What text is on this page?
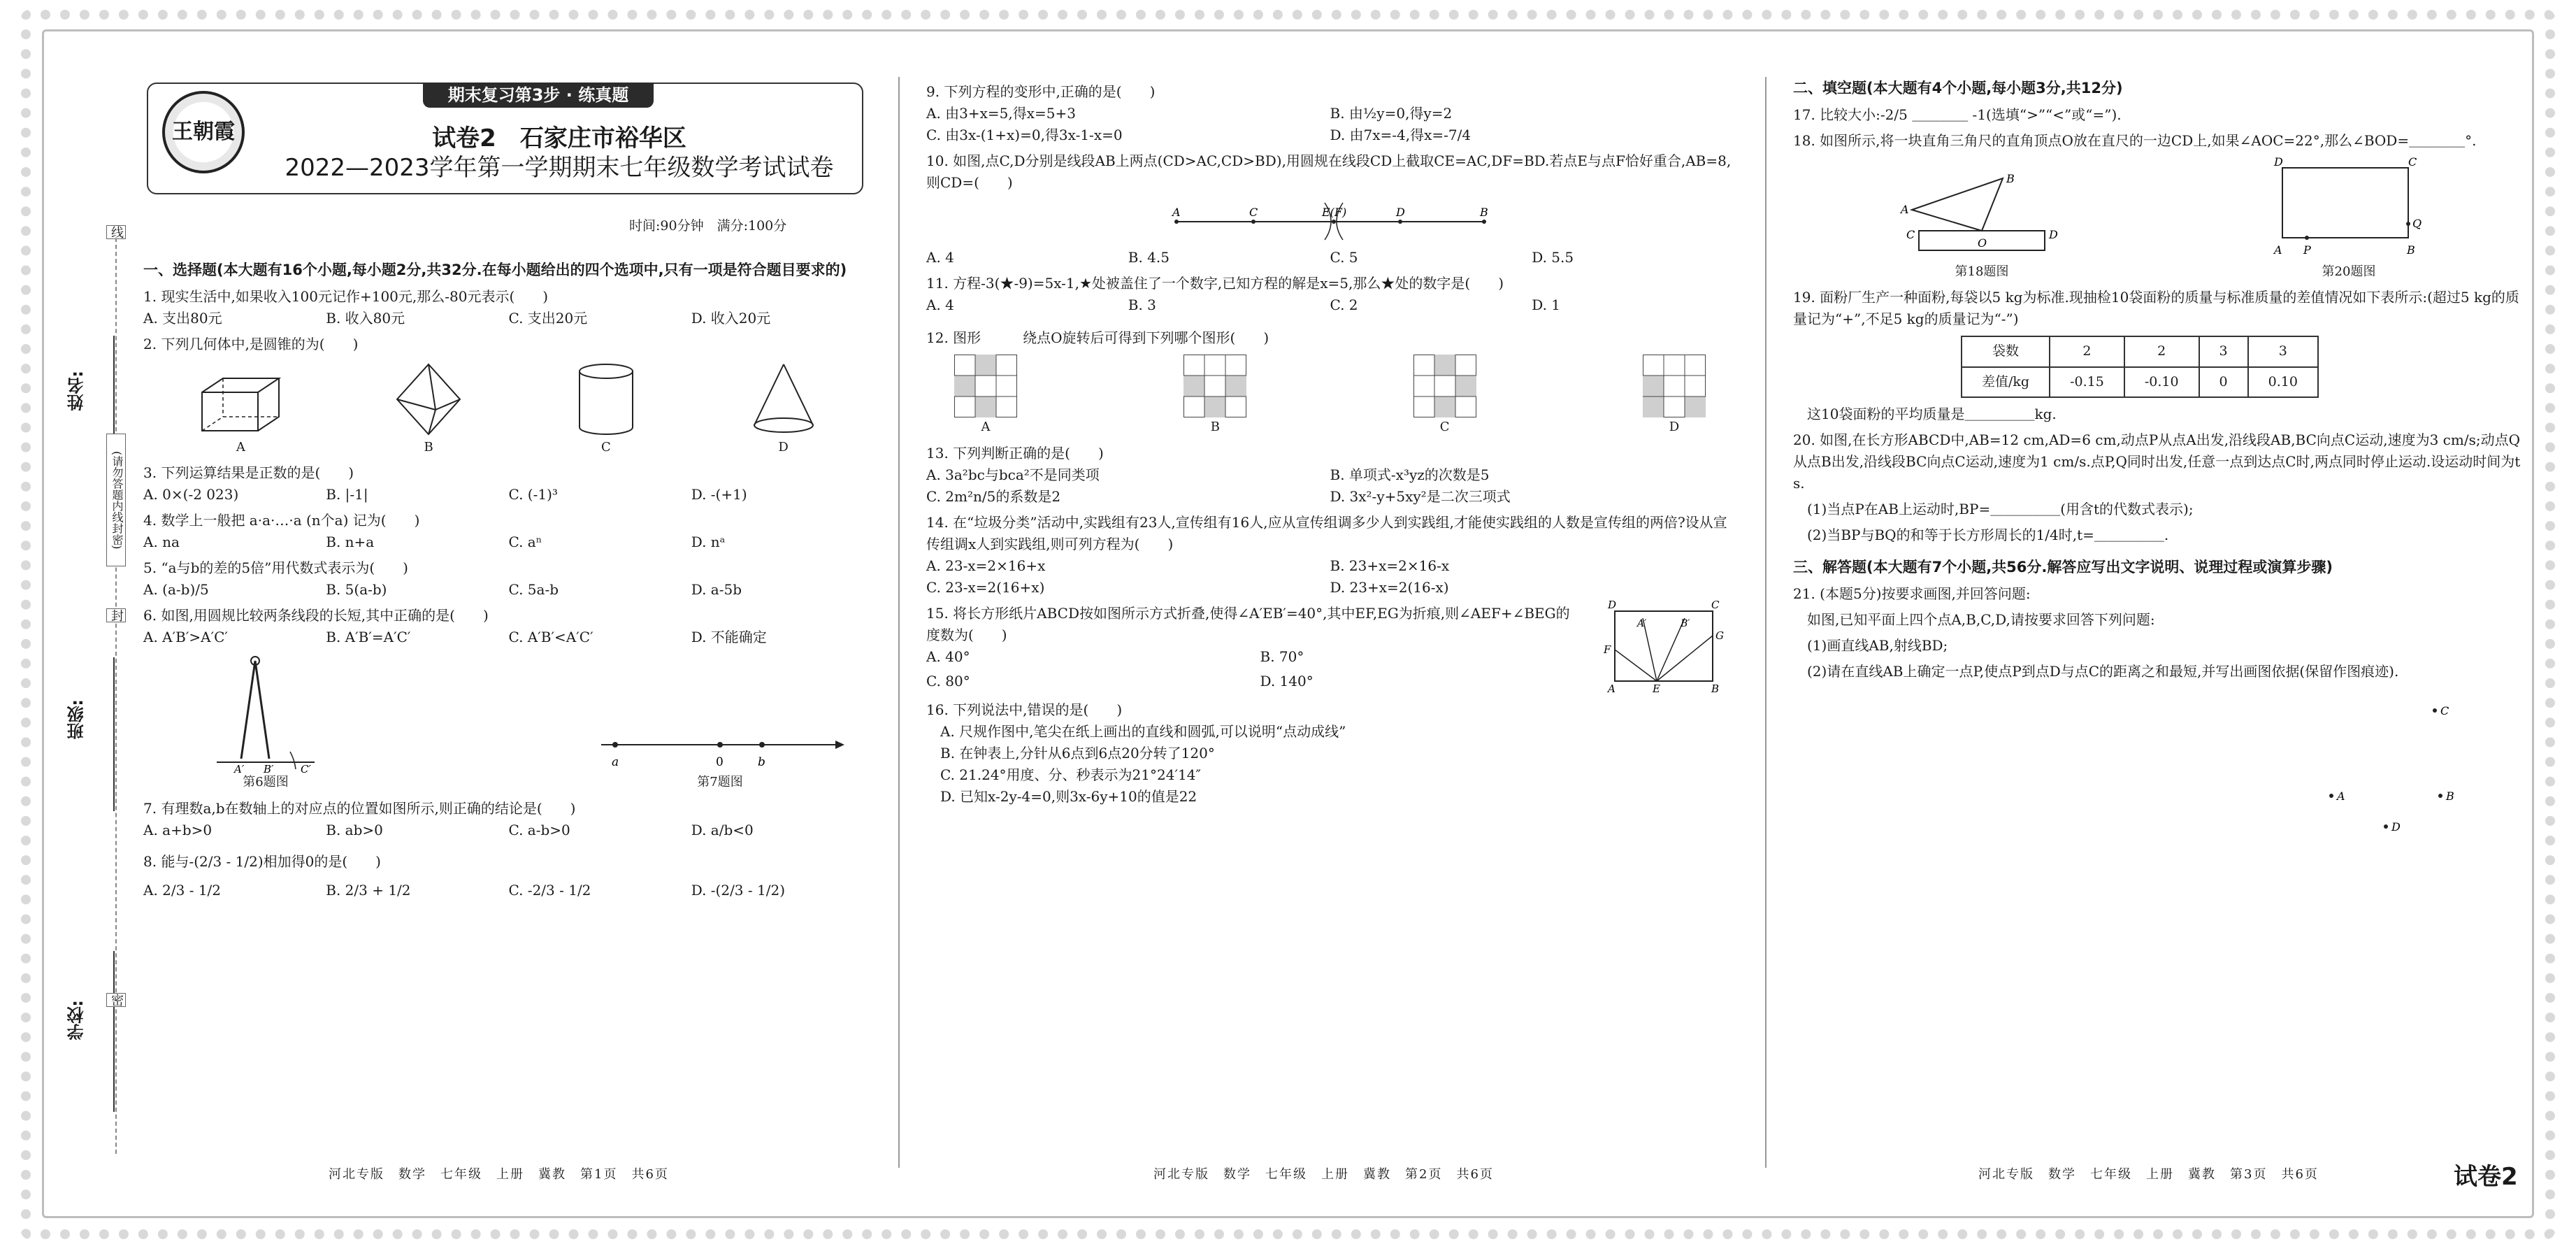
期末复习第3步 · 练真题
王朝霞	试卷2　石家庄市裕华区
2022—2023学年第一学期期末七年级数学考试试卷
时间:90分钟　满分:100分
姓名:
班级:
学校:
线
(请勿答题内线封密)
封
密
一、选择题(本大题有16个小题,每小题2分,共32分.在每小题给出的四个选项中,只有一项是符合题目要求的)
1. 现实生活中,如果收入100元记作+100元,那么-80元表示(　　)
A. 支出80元	B. 收入80元	C. 支出20元	D. 收入20元
2. 下列几何体中,是圆锥的为(　　)
A	B	C	D
3. 下列运算结果是正数的是(　　)
A. 0×(-2 023)	B. |-1|	C. (-1)³	D. -(+1)
4. 数学上一般把 a·a·…·a (n个a) 记为(　　)
A. na	B. n+a	C. aⁿ	D. nᵃ
5. “a与b的差的5倍”用代数式表示为(　　)
A. (a-b)/5	B. 5(a-b)	C. 5a-b	D. a-5b
6. 如图,用圆规比较两条线段的长短,其中正确的是(　　)
A. A′B′>A′C′	B. A′B′=A′C′	C. A′B′<A′C′	D. 不能确定
A′ B′	C′
第6题图
a	0	b
第7题图
7. 有理数a,b在数轴上的对应点的位置如图所示,则正确的结论是(　　)
A. a+b>0	B. ab>0	C. a-b>0	D. a/b<0
8. 能与-(2/3 - 1/2)相加得0的是(　　)
A. 2/3 - 1/2	B. 2/3 + 1/2	C. -2/3 - 1/2	D. -(2/3 - 1/2)
9. 下列方程的变形中,正确的是(　　)
A. 由3+x=5,得x=5+3	B. 由½y=0,得y=2
C. 由3x-(1+x)=0,得3x-1-x=0	D. 由7x=-4,得x=-7/4
10. 如图,点C,D分别是线段AB上两点(CD>AC,CD>BD),用圆规在线段CD上截取CE=AC,DF=BD.若点E与点F恰好重合,AB=8,则CD=(　　)
A	C	E(F)	D	B
A. 4	B. 4.5	C. 5	D. 5.5
11. 方程-3(★-9)=5x-1,★处被盖住了一个数字,已知方程的解是x=5,那么★处的数字是(　　)
A. 4	B. 3	C. 2	D. 1
12. 图形　　　绕点O旋转后可得到下列哪个图形(　　)
A	B	C	D
13. 下列判断正确的是(　　)
A. 3a²bc与bca²不是同类项	B. 单项式-x³yz的次数是5
C. 2m²n/5的系数是2	D. 3x²-y+5xy²是二次三项式
14. 在“垃圾分类”活动中,实践组有23人,宣传组有16人,应从宣传组调多少人到实践组,才能使实践组的人数是宣传组的两倍?设从宣传组调x人到实践组,则可列方程为(　　)
A. 23-x=2×16+x	B. 23+x=2×16-x
C. 23-x=2(16+x)	D. 23+x=2(16-x)
15. 将长方形纸片ABCD按如图所示方式折叠,使得∠A′EB′=40°,其中EF,EG为折痕,则∠AEF+∠BEG的度数为(　　)
A. 40°	B. 70°
C. 80°	D. 140°
D	C
A	E	B
F
G
A′	B′
16. 下列说法中,错误的是(　　)
A. 尺规作图中,笔尖在纸上画出的直线和圆弧,可以说明“点动成线”
B. 在钟表上,分针从6点到6点20分转了120°
C. 21.24°用度、分、秒表示为21°24′14″
D. 已知x-2y-4=0,则3x-6y+10的值是22
二、填空题(本大题有4个小题,每小题3分,共12分)
17. 比较大小:-2/5 ＿＿＿＿ -1(选填“>”“<”或“=”).
18. 如图所示,将一块直角三角尺的直角顶点O放在直尺的一边CD上,如果∠AOC=22°,那么∠BOD=＿＿＿＿°.
A
B
C
O
D
第18题图
D	C
A P	B
Q
第20题图
19. 面粉厂生产一种面粉,每袋以5 kg为标准.现抽检10袋面粉的质量与标准质量的差值情况如下表所示:(超过5 kg的质量记为“+”,不足5 kg的质量记为“-”)
袋数	2	2	3	3
差值/kg	-0.15	-0.10	0	0.10
这10袋面粉的平均质量是＿＿＿＿＿kg.
20. 如图,在长方形ABCD中,AB=12 cm,AD=6 cm,动点P从点A出发,沿线段AB,BC向点C运动,速度为3 cm/s;动点Q从点B出发,沿线段BC向点C运动,速度为1 cm/s.点P,Q同时出发,任意一点到达点C时,两点同时停止运动.设运动时间为t s.
(1)当点P在AB上运动时,BP=＿＿＿＿＿(用含t的代数式表示);
(2)当BP与BQ的和等于长方形周长的1/4时,t=＿＿＿＿＿.
三、解答题(本大题有7个小题,共56分.解答应写出文字说明、说理过程或演算步骤)
21. (本题5分)按要求画图,并回答问题:
如图,已知平面上四个点A,B,C,D,请按要求回答下列问题:
(1)画直线AB,射线BD;
(2)请在直线AB上确定一点P,使点P到点D与点C的距离之和最短,并写出画图依据(保留作图痕迹).
C
A	B
D
河北专版　数学　七年级　上册　冀教　第1页　共6页	河北专版　数学　七年级　上册　冀教　第2页　共6页	河北专版　数学　七年级　上册　冀教　第3页　共6页	试卷2
